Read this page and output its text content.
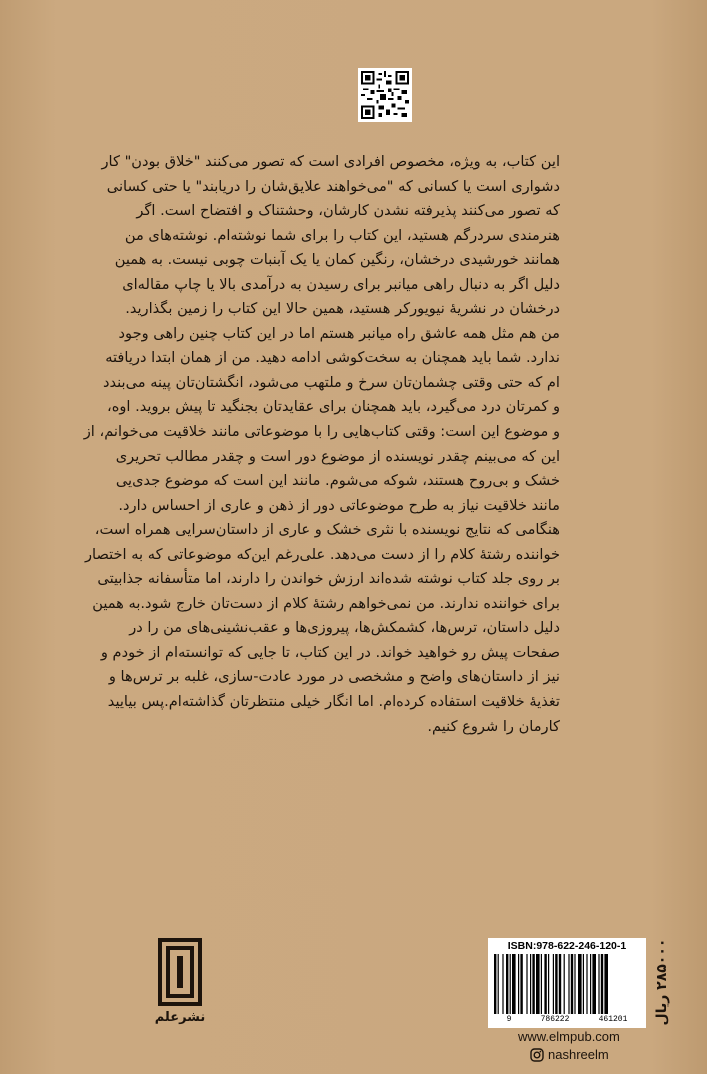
این کتاب، به ویژه، مخصوص افرادی است که تصور می‌کنند "خلاق بودن" کار
دشواری است یا کسانی که "می‌خواهند علایق‌شان را دریابند" یا حتی کسانی
که تصور می‌کنند پذیرفته نشدن کارشان، وحشتناک و افتضاح است. اگر
هنرمندی سردرگم هستید، این کتاب را برای شما نوشته‌ام. نوشته‌های من
همانند خورشیدی درخشان، رنگین کمان یا یک آبنبات چوبی نیست. به همین
دلیل اگر به دنبال راهی میانبر برای رسیدن به درآمدی بالا یا چاپ مقاله‌ای
درخشان در نشریهٔ نیویورکر هستید، همین حالا این کتاب را زمین بگذارید.
من هم مثل همه عاشق راه میانبر هستم اما در این کتاب چنین راهی وجود
ندارد. شما باید همچنان به سخت‌کوشی ادامه دهید. من از همان ابتدا دریافته
ام که حتی وقتی چشمان‌تان سرخ و ملتهب می‌شود، انگشتان‌تان پینه می‌بندد
و کمرتان درد می‌گیرد، باید همچنان برای عقایدتان بجنگید تا پیش بروید. اوه،
و موضوع این است: وقتی کتاب‌هایی را با موضوعاتی مانند خلاقیت می‌خوانم، از
این که می‌بینم چقدر نویسنده از موضوع دور است و چقدر مطالب تحریری
خشک و بی‌روح هستند، شوکه می‌شوم. مانند این است که موضوع جدی‌یی
مانند خلاقیت نیاز به طرح موضوعاتی دور از ذهن و عاری از احساس دارد.
هنگامی که نتایج نویسنده با نثری خشک و عاری از داستان‌سرایی همراه است،
خواننده رشتهٔ کلام را از دست می‌دهد. علی‌رغم این‌که موضوعاتی که به اختصار
بر روی جلد کتاب نوشته شده‌اند ارزش خواندن را دارند، اما متأسفانه جذابیتی
برای خواننده ندارند. من نمی‌خواهم رشتهٔ کلام از دست‌تان خارج شود.به همین
دلیل داستان، ترس‌ها، کشمکش‌ها، پیروزی‌ها و عقب‌نشینی‌های من را در
صفحات پیش رو خواهید خواند. در این کتاب، تا جایی که توانسته‌ام از خودم و
نیز از داستان‌های واضح و مشخصی در مورد عادت-سازی، غلبه بر ترس‌ها و
تغذیهٔ خلاقیت استفاده کرده‌ام. اما انگار خیلی منتظرتان گذاشته‌ام.پس بیایید
کارمان را شروع کنیم.
نشرعلم
ISBN:978-622-246-120-1
9	786222	461201 ۲۸۵۰۰۰ ریال
www.elmpub.com
nashreelm
